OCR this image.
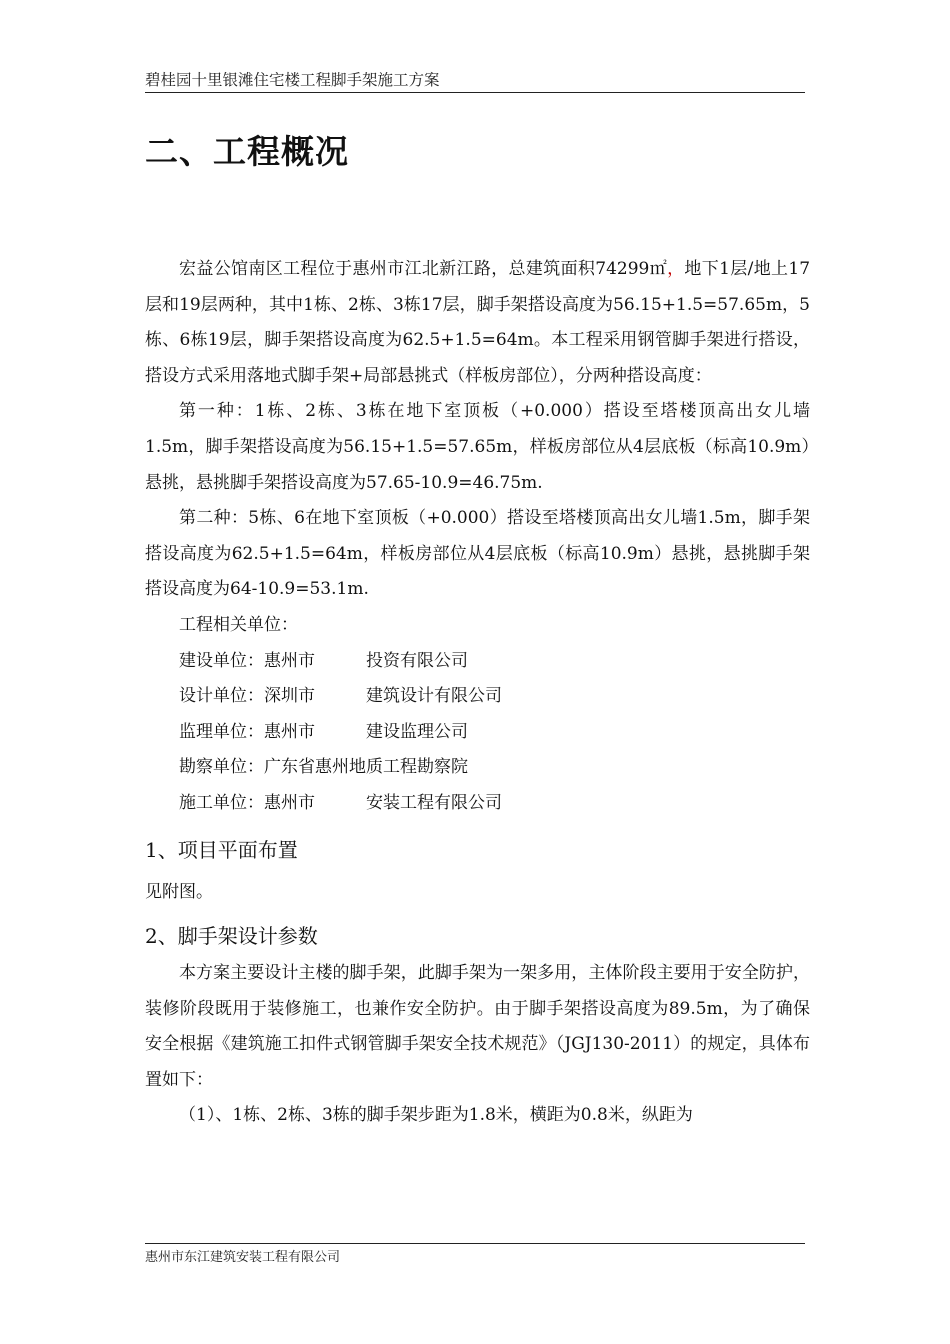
碧桂园十里银滩住宅楼工程脚手架施工方案
二、工程概况

宏益公馆南区工程位于惠州市江北新江路，总建筑面积74299㎡，地下1层/地上17层和19层两种，其中1栋、2栋、3栋17层，脚手架搭设高度为56.15+1.5=57.65m，5栋、6栋19层，脚手架搭设高度为62.5+1.5=64m。本工程采用钢管脚手架进行搭设，搭设方式采用落地式脚手架+局部悬挑式（样板房部位），分两种搭设高度：

第一种：1栋、2栋、3栋在地下室顶板（+0.000）搭设至塔楼顶高出女儿墙1.5m，脚手架搭设高度为56.15+1.5=57.65m，样板房部位从4层底板（标高10.9m）悬挑，悬挑脚手架搭设高度为57.65-10.9=46.75m.

第二种：5栋、6在地下室顶板（+0.000）搭设至塔楼顶高出女儿墙1.5m，脚手架搭设高度为62.5+1.5=64m，样板房部位从4层底板（标高10.9m）悬挑，悬挑脚手架搭设高度为64-10.9=53.1m.

工程相关单位：

建设单位：惠州市　　　投资有限公司

设计单位：深圳市　　　建筑设计有限公司

监理单位：惠州市　　　建设监理公司

勘察单位：广东省惠州地质工程勘察院

施工单位：惠州市　　　安装工程有限公司

1、项目平面布置

见附图。

2、脚手架设计参数

本方案主要设计主楼的脚手架，此脚手架为一架多用，主体阶段主要用于安全防护，装修阶段既用于装修施工，也兼作安全防护。由于脚手架搭设高度为89.5m，为了确保安全根据《建筑施工扣件式钢管脚手架安全技术规范》（JGJ130-2011）的规定，具体布置如下：

（1）、1栋、2栋、3栋的脚手架步距为1.8米，横距为0.8米，纵距为

惠州市东江建筑安装工程有限公司
